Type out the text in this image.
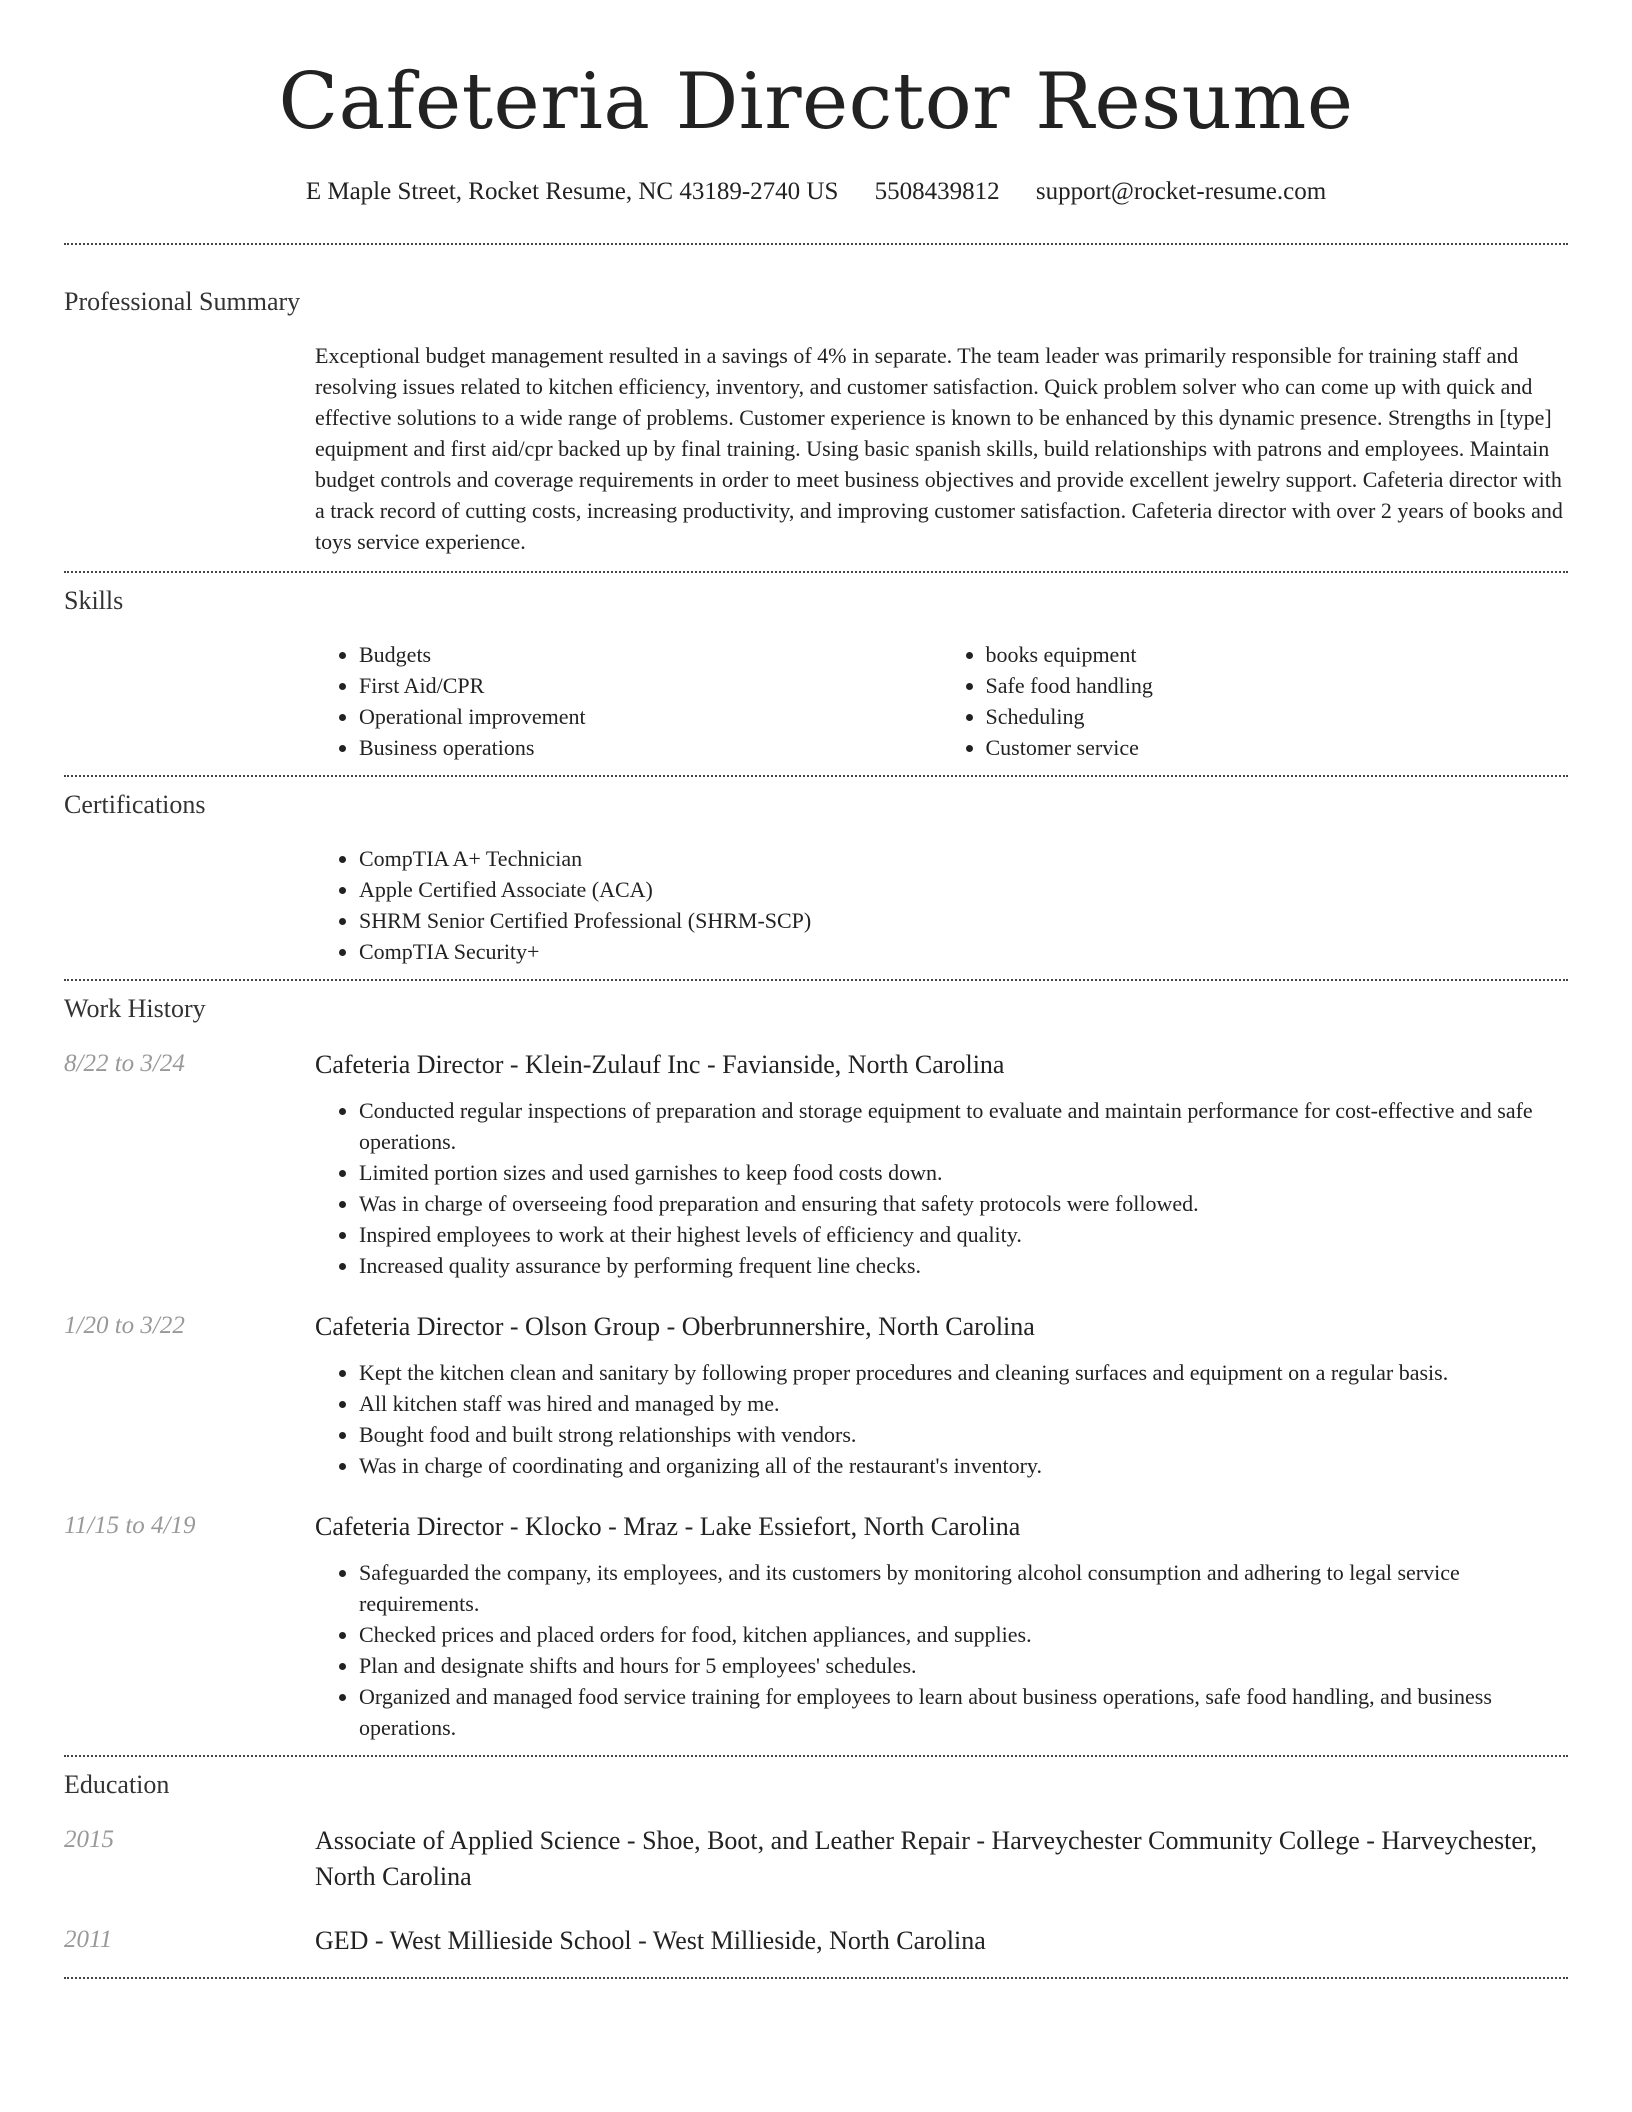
Cafeteria Director Resume
E Maple Street, Rocket Resume, NC 43189-2740 US 5508439812 support@rocket-resume.com
Professional Summary

Exceptional budget management resulted in a savings of 4% in separate. The team leader was primarily responsible for training staff and resolving issues related to kitchen efficiency, inventory, and customer satisfaction. Quick problem solver who can come up with quick and effective solutions to a wide range of problems. Customer experience is known to be enhanced by this dynamic presence. Strengths in [type] equipment and first aid/cpr backed up by final training. Using basic spanish skills, build relationships with patrons and employees. Maintain budget controls and coverage requirements in order to meet business objectives and provide excellent jewelry support. Cafeteria director with a track record of cutting costs, increasing productivity, and improving customer satisfaction. Cafeteria director with over 2 years of books and toys service experience.

Skills
• Budgets
• First Aid/CPR
• Operational improvement
• Business operations
• books equipment
• Safe food handling
• Scheduling
• Customer service
Certifications
• CompTIA A+ Technician
• Apple Certified Associate (ACA)
• SHRM Senior Certified Professional (SHRM-SCP)
• CompTIA Security+
Work History
8/22 to 3/24	Cafeteria Director - Klein-Zulauf Inc - Favianside, North Carolina

• Conducted regular inspections of preparation and storage equipment to evaluate and maintain performance for cost-effective and safe operations.
• Limited portion sizes and used garnishes to keep food costs down.
• Was in charge of overseeing food preparation and ensuring that safety protocols were followed.
• Inspired employees to work at their highest levels of efficiency and quality.
• Increased quality assurance by performing frequent line checks.
1/20 to 3/22	Cafeteria Director - Olson Group - Oberbrunnershire, North Carolina

• Kept the kitchen clean and sanitary by following proper procedures and cleaning surfaces and equipment on a regular basis.
• All kitchen staff was hired and managed by me.
• Bought food and built strong relationships with vendors.
• Was in charge of coordinating and organizing all of the restaurant's inventory.
11/15 to 4/19	Cafeteria Director - Klocko - Mraz - Lake Essiefort, North Carolina

• Safeguarded the company, its employees, and its customers by monitoring alcohol consumption and adhering to legal service requirements.
• Checked prices and placed orders for food, kitchen appliances, and supplies.
• Plan and designate shifts and hours for 5 employees' schedules.
• Organized and managed food service training for employees to learn about business operations, safe food handling, and business operations.
Education
2015	Associate of Applied Science - Shoe, Boot, and Leather Repair - Harveychester Community College - Harveychester, North Carolina

2011	GED - West Millieside School - West Millieside, North Carolina
